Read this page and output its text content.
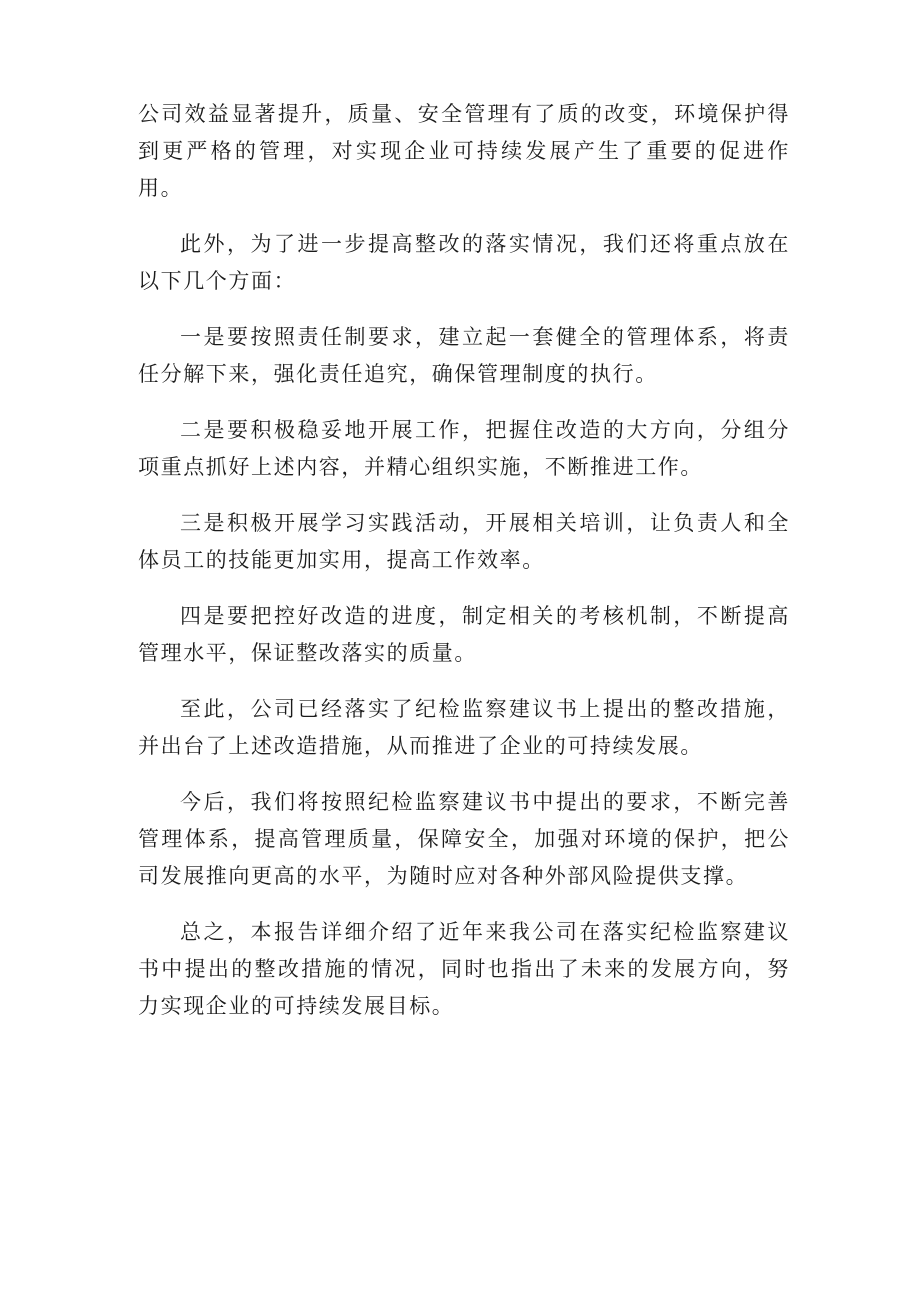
公司效益显著提升，质量、安全管理有了质的改变，环境保护得到更严格的管理，对实现企业可持续发展产生了重要的促进作用。

此外，为了进一步提高整改的落实情况，我们还将重点放在以下几个方面：

一是要按照责任制要求，建立起一套健全的管理体系，将责任分解下来，强化责任追究，确保管理制度的执行。

二是要积极稳妥地开展工作，把握住改造的大方向，分组分项重点抓好上述内容，并精心组织实施，不断推进工作。

三是积极开展学习实践活动，开展相关培训，让负责人和全体员工的技能更加实用，提高工作效率。

四是要把控好改造的进度，制定相关的考核机制，不断提高管理水平，保证整改落实的质量。

至此，公司已经落实了纪检监察建议书上提出的整改措施，并出台了上述改造措施，从而推进了企业的可持续发展。

今后，我们将按照纪检监察建议书中提出的要求，不断完善管理体系，提高管理质量，保障安全，加强对环境的保护，把公司发展推向更高的水平，为随时应对各种外部风险提供支撑。

总之，本报告详细介绍了近年来我公司在落实纪检监察建议书中提出的整改措施的情况，同时也指出了未来的发展方向，努力实现企业的可持续发展目标。
